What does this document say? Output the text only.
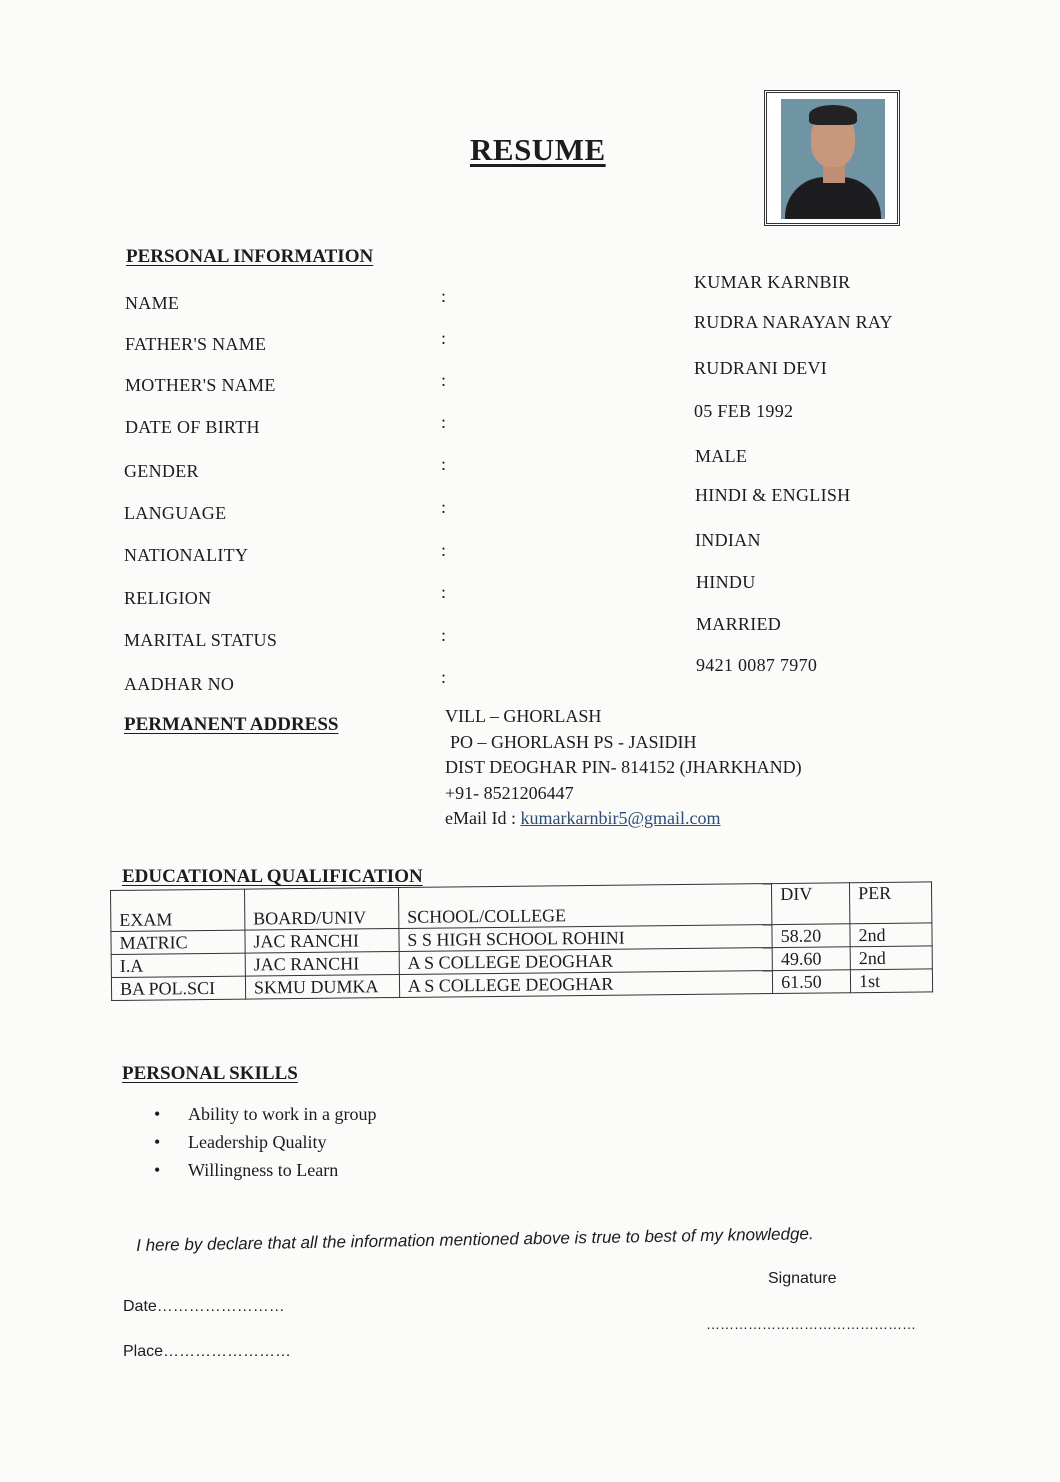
RESUME
PERSONAL INFORMATION
NAME	:
KUMAR KARNBIR
FATHER'S NAME	:
RUDRA NARAYAN RAY
MOTHER'S NAME	:
RUDRANI DEVI
DATE OF BIRTH	:
05 FEB 1992
GENDER	:	MALE
LANGUAGE	:
HINDI & ENGLISH
NATIONALITY	:	INDIAN
RELIGION	:	HINDU
MARITAL STATUS	:
MARRIED
AADHAR NO	:
9421 0087 7970
PERMANENT ADDRESS	VILL – GHORLASH
PO – GHORLASH PS - JASIDIH
DIST DEOGHAR PIN- 814152 (JHARKHAND)
+91- 8521206447
eMail Id : kumarkarnbir5@gmail.com
EDUCATIONAL QUALIFICATION
EXAM	BOARD/UNIV	SCHOOL/COLLEGE	DIV	PER
MATRIC	JAC RANCHI	S S HIGH SCHOOL ROHINI	58.20	2nd
I.A	JAC RANCHI	A S COLLEGE DEOGHAR	49.60	2nd
BA POL.SCI	SKMU DUMKA	A S COLLEGE DEOGHAR	61.50	1st
PERSONAL SKILLS
• Ability to work in a group
• Leadership Quality
• Willingness to Learn
I here by declare that all the information mentioned above is true to best of my knowledge.
Signature
………………………………………
Date……………………
Place……………………
